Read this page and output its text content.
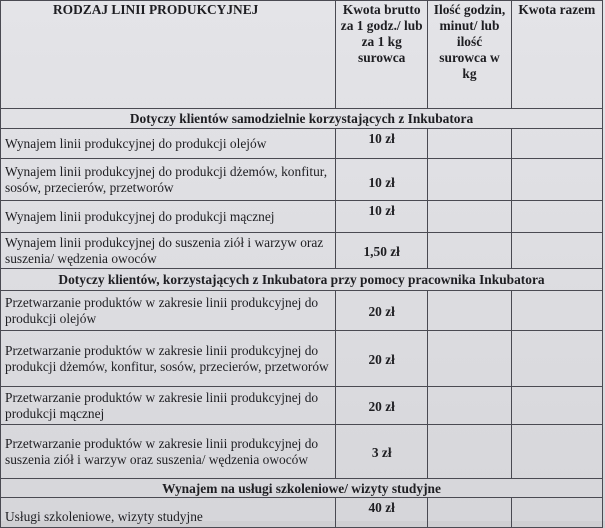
RODZAJ LINII PRODUKCYJNEJ	Kwota brutto za 1 godz./ lub za 1 kg surowca	Ilość godzin, minut/ lub ilość surowca w kg	Kwota razem
Dotyczy klientów samodzielnie korzystających z Inkubatora			
Wynajem linii produkcyjnej do produkcji olejów	10 zł		
Wynajem linii produkcyjnej do produkcji dżemów, konfitur, sosów, przecierów, przetworów	10 zł		
Wynajem linii produkcyjnej do produkcji mącznej	10 zł		
Wynajem linii produkcyjnej do suszenia ziół i warzyw oraz suszenia/ wędzenia owoców	1,50 zł		
Dotyczy klientów, korzystających z Inkubatora przy pomocy pracownika Inkubatora			
Przetwarzanie produktów w zakresie linii produkcyjnej do produkcji olejów	20 zł		
Przetwarzanie produktów w zakresie linii produkcyjnej do produkcji dżemów, konfitur, sosów, przecierów, przetworów	20 zł		
Przetwarzanie produktów w zakresie linii produkcyjnej do produkcji mącznej	20 zł		
Przetwarzanie produktów w zakresie linii produkcyjnej do suszenia ziół i warzyw oraz suszenia/ wędzenia owoców	3 zł		
Wynajem na usługi szkoleniowe/ wizyty studyjne			
Usługi szkoleniowe, wizyty studyjne	40 zł		
